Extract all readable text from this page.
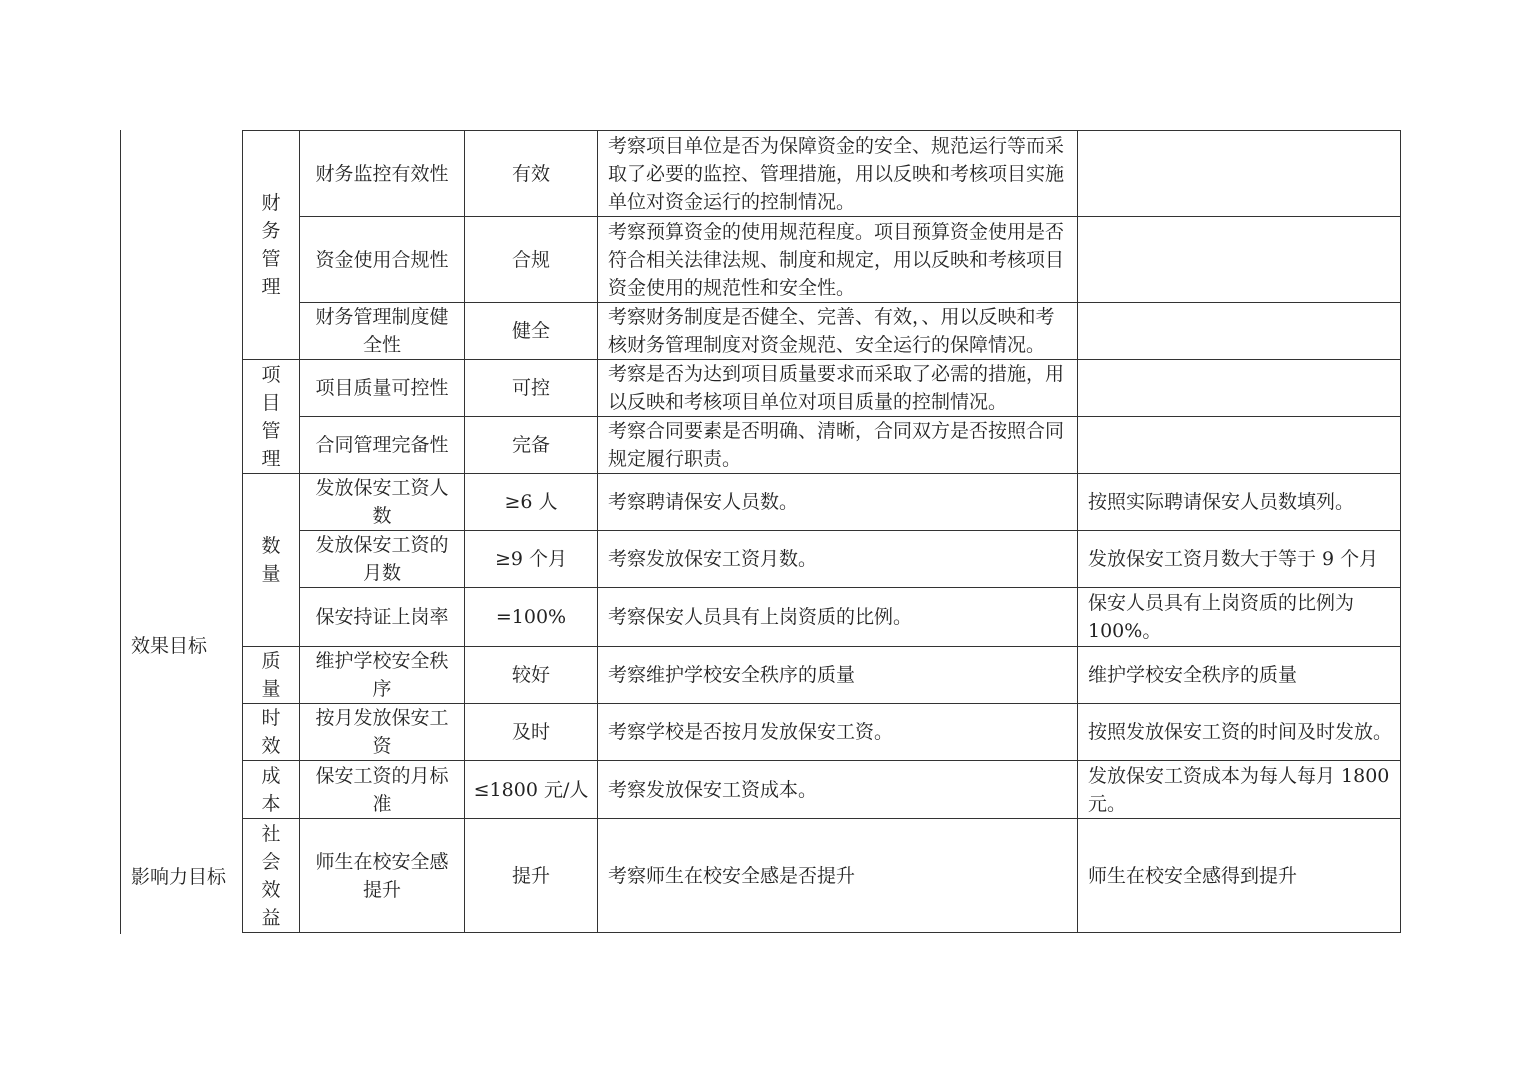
效果目标
影响力目标
财务管理	财务监控有效性	有效	考察项目单位是否为保障资金的安全、规范运行等而采取了必要的监控、管理措施，用以反映和考核项目实施单位对资金运行的控制情况。	
	资金使用合规性	合规	考察预算资金的使用规范程度。项目预算资金使用是否符合相关法律法规、制度和规定，用以反映和考核项目资金使用的规范性和安全性。	
	财务管理制度健全性	健全	考察财务制度是否健全、完善、有效，、用以反映和考核财务管理制度对资金规范、安全运行的保障情况。	

项目管理	项目质量可控性	可控	考察是否为达到项目质量要求而采取了必需的措施，用以反映和考核项目单位对项目质量的控制情况。	
	合同管理完备性	完备	考察合同要素是否明确、清晰，合同双方是否按照合同规定履行职责。	

数量	发放保安工资人数	≥6 人	考察聘请保安人员数。	按照实际聘请保安人员数填列。
	发放保安工资的月数	≥9 个月	考察发放保安工资月数。	发放保安工资月数大于等于 9 个月
	保安持证上岗率	=100%	考察保安人员具有上岗资质的比例。	保安人员具有上岗资质的比例为 100%。

质量	维护学校安全秩序	较好	考察维护学校安全秩序的质量	维护学校安全秩序的质量

时效	按月发放保安工资	及时	考察学校是否按月发放保安工资。	按照发放保安工资的时间及时发放。

成本	保安工资的月标准	≤1800 元/人	考察发放保安工资成本。	发放保安工资成本为每人每月 1800 元。

社会效益	师生在校安全感提升	提升	考察师生在校安全感是否提升	师生在校安全感得到提升
